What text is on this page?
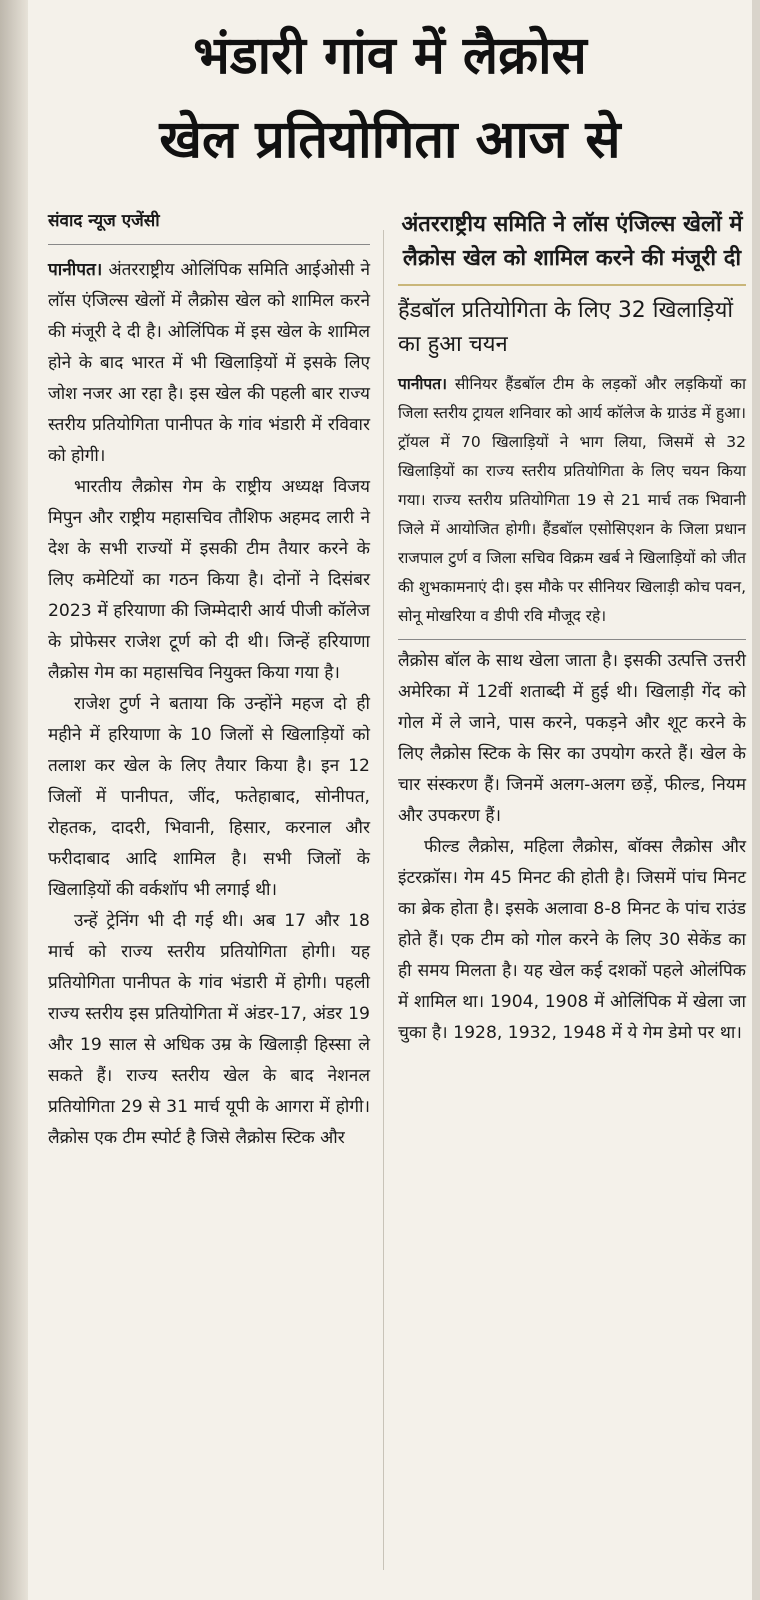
भंडारी गांव में लैक्रोस
खेल प्रतियोगिता आज से
संवाद न्यूज एजेंसी

पानीपत। अंतरराष्ट्रीय ओलिंपिक समिति आईओसी ने लॉस एंजिल्स खेलों में लैक्रोस खेल को शामिल करने की मंजूरी दे दी है। ओलिंपिक में इस खेल के शामिल होने के बाद भारत में भी खिलाड़ियों में इसके लिए जोश नजर आ रहा है। इस खेल की पहली बार राज्य स्तरीय प्रतियोगिता पानीपत के गांव भंडारी में रविवार को होगी।

भारतीय लैक्रोस गेम के राष्ट्रीय अध्यक्ष विजय मिपुन और राष्ट्रीय महासचिव तौशिफ अहमद लारी ने देश के सभी राज्यों में इसकी टीम तैयार करने के लिए कमेटियों का गठन किया है। दोनों ने दिसंबर 2023 में हरियाणा की जिम्मेदारी आर्य पीजी कॉलेज के प्रोफेसर राजेश टूर्ण को दी थी। जिन्हें हरियाणा लैक्रोस गेम का महासचिव नियुक्त किया गया है।

राजेश टुर्ण ने बताया कि उन्होंने महज दो ही महीने में हरियाणा के 10 जिलों से खिलाड़ियों को तलाश कर खेल के लिए तैयार किया है। इन 12 जिलों में पानीपत, जींद, फतेहाबाद, सोनीपत, रोहतक, दादरी, भिवानी, हिसार, करनाल और फरीदाबाद आदि शामिल है। सभी जिलों के खिलाड़ियों की वर्कशॉप भी लगाई थी।

उन्हें ट्रेनिंग भी दी गई थी। अब 17 और 18 मार्च को राज्य स्तरीय प्रतियोगिता होगी। यह प्रतियोगिता पानीपत के गांव भंडारी में होगी। पहली राज्य स्तरीय इस प्रतियोगिता में अंडर-17, अंडर 19 और 19 साल से अधिक उम्र के खिलाड़ी हिस्सा ले सकते हैं। राज्य स्तरीय खेल के बाद नेशनल प्रतियोगिता 29 से 31 मार्च यूपी के आगरा में होगी। लैक्रोस एक टीम स्पोर्ट है जिसे लैक्रोस स्टिक और

अंतरराष्ट्रीय समिति ने लॉस एंजिल्स खेलों में लैक्रोस खेल को शामिल करने की मंजूरी दी
हैंडबॉल प्रतियोगिता के लिए 32 खिलाड़ियों का हुआ चयन

पानीपत। सीनियर हैंडबॉल टीम के लड़कों और लड़कियों का जिला स्तरीय ट्रायल शनिवार को आर्य कॉलेज के ग्राउंड में हुआ। ट्रॉयल में 70 खिलाड़ियों ने भाग लिया, जिसमें से 32 खिलाड़ियों का राज्य स्तरीय प्रतियोगिता के लिए चयन किया गया। राज्य स्तरीय प्रतियोगिता 19 से 21 मार्च तक भिवानी जिले में आयोजित होगी। हैंडबॉल एसोसिएशन के जिला प्रधान राजपाल टुर्ण व जिला सचिव विक्रम खर्ब ने खिलाड़ियों को जीत की शुभकामनाएं दी। इस मौके पर सीनियर खिलाड़ी कोच पवन, सोनू मोखरिया व डीपी रवि मौजूद रहे।

लैक्रोस बॉल के साथ खेला जाता है। इसकी उत्पत्ति उत्तरी अमेरिका में 12वीं शताब्दी में हुई थी। खिलाड़ी गेंद को गोल में ले जाने, पास करने, पकड़ने और शूट करने के लिए लैक्रोस स्टिक के सिर का उपयोग करते हैं। खेल के चार संस्करण हैं। जिनमें अलग-अलग छड़ें, फील्ड, नियम और उपकरण हैं।

फील्ड लैक्रोस, महिला लैक्रोस, बॉक्स लैक्रोस और इंटरक्रॉस। गेम 45 मिनट की होती है। जिसमें पांच मिनट का ब्रेक होता है। इसके अलावा 8-8 मिनट के पांच राउंड होते हैं। एक टीम को गोल करने के लिए 30 सेकेंड का ही समय मिलता है। यह खेल कई दशकों पहले ओलंपिक में शामिल था। 1904, 1908 में ओलिंपिक में खेला जा चुका है। 1928, 1932, 1948 में ये गेम डेमो पर था।
